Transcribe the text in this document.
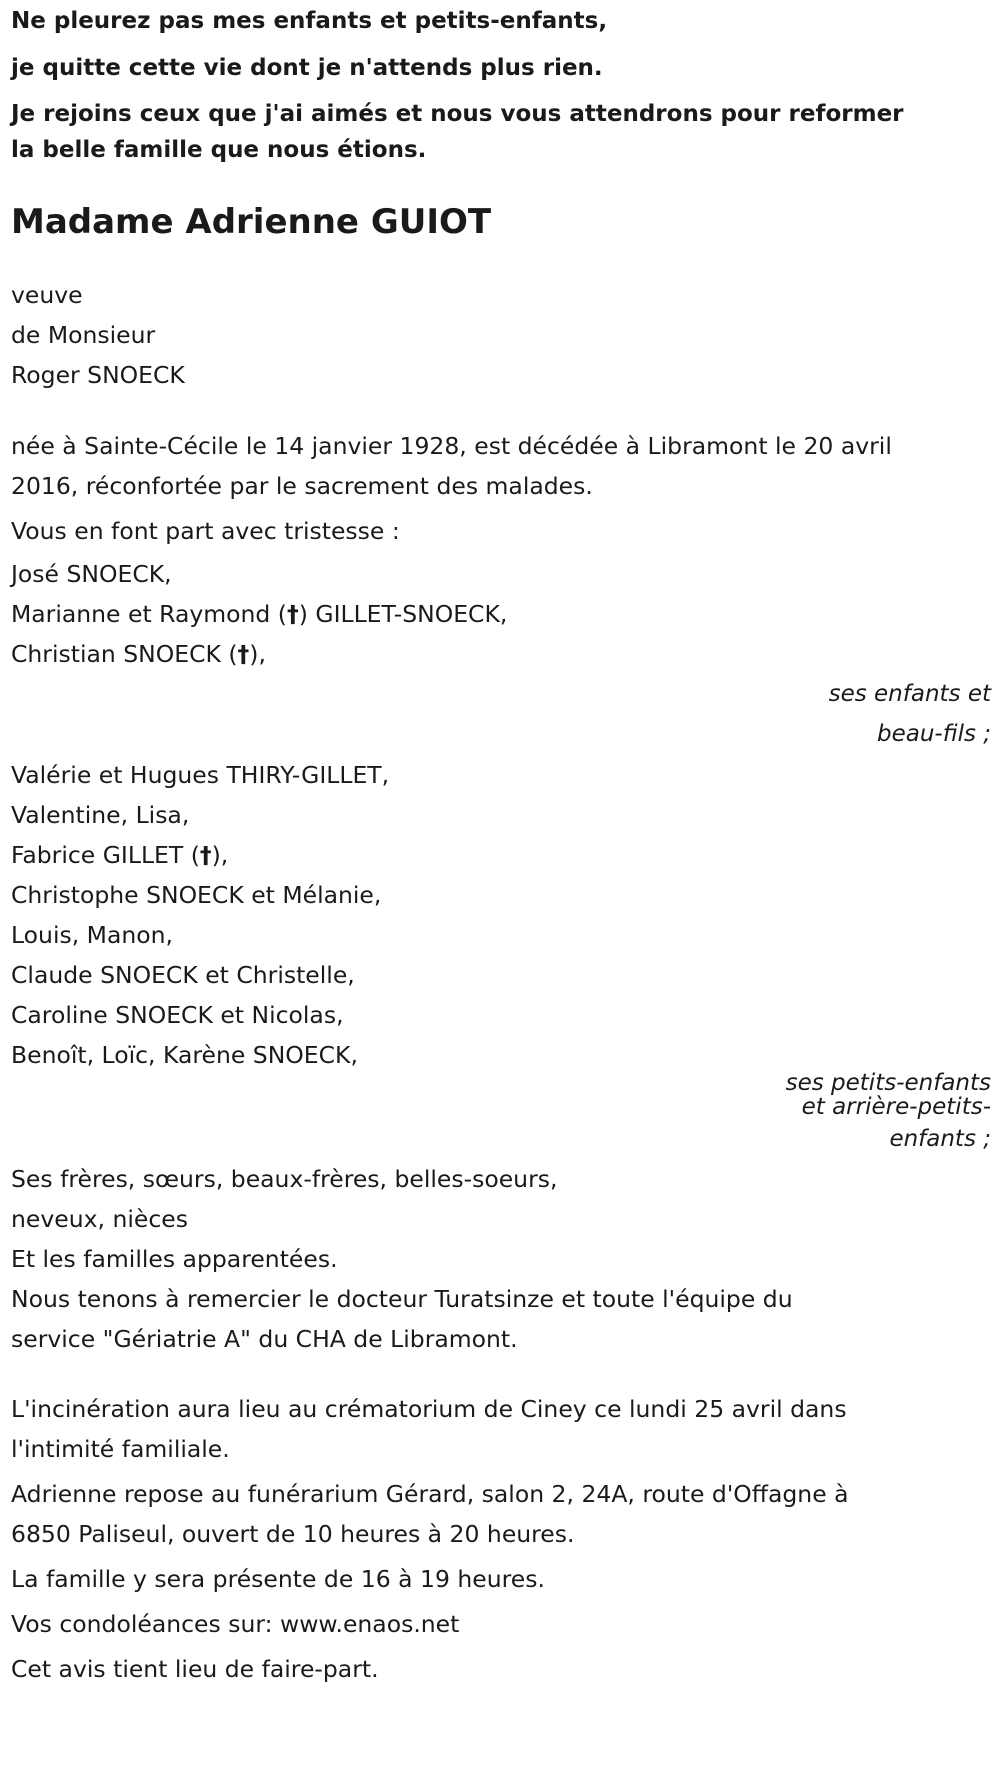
Ne pleurez pas mes enfants et petits-enfants,

je quitte cette vie dont je n'attends plus rien.

Je rejoins ceux que j'ai aimés et nous vous attendrons pour reformer

la belle famille que nous étions.

Madame Adrienne GUIOT
veuve
de Monsieur
Roger SNOECK
née à Sainte-Cécile le 14 janvier 1928, est décédée à Libramont le 20 avril
2016, réconfortée par le sacrement des malades.

Vous en font part avec tristesse :

José SNOECK,
Marianne et Raymond (†) GILLET-SNOECK,
Christian SNOECK (†),
ses enfants et
beau-fils ;
Valérie et Hugues THIRY-GILLET,
Valentine, Lisa,
Fabrice GILLET (†),
Christophe SNOECK et Mélanie,
Louis, Manon,
Claude SNOECK et Christelle,
Caroline SNOECK et Nicolas,
Benoît, Loïc, Karène SNOECK,
ses petits-enfants
et arrière-petits-
enfants ;
Ses frères, sœurs, beaux-frères, belles-soeurs,
neveux, nièces
Et les familles apparentées.
Nous tenons à remercier le docteur Turatsinze et toute l'équipe du
service "Gériatrie A" du CHA de Libramont.
L'incinération aura lieu au crématorium de Ciney ce lundi 25 avril dans
l'intimité familiale.
Adrienne repose au funérarium Gérard, salon 2, 24A, route d'Offagne à
6850 Paliseul, ouvert de 10 heures à 20 heures.

La famille y sera présente de 16 à 19 heures.

Vos condoléances sur: www.enaos.net

Cet avis tient lieu de faire-part.
